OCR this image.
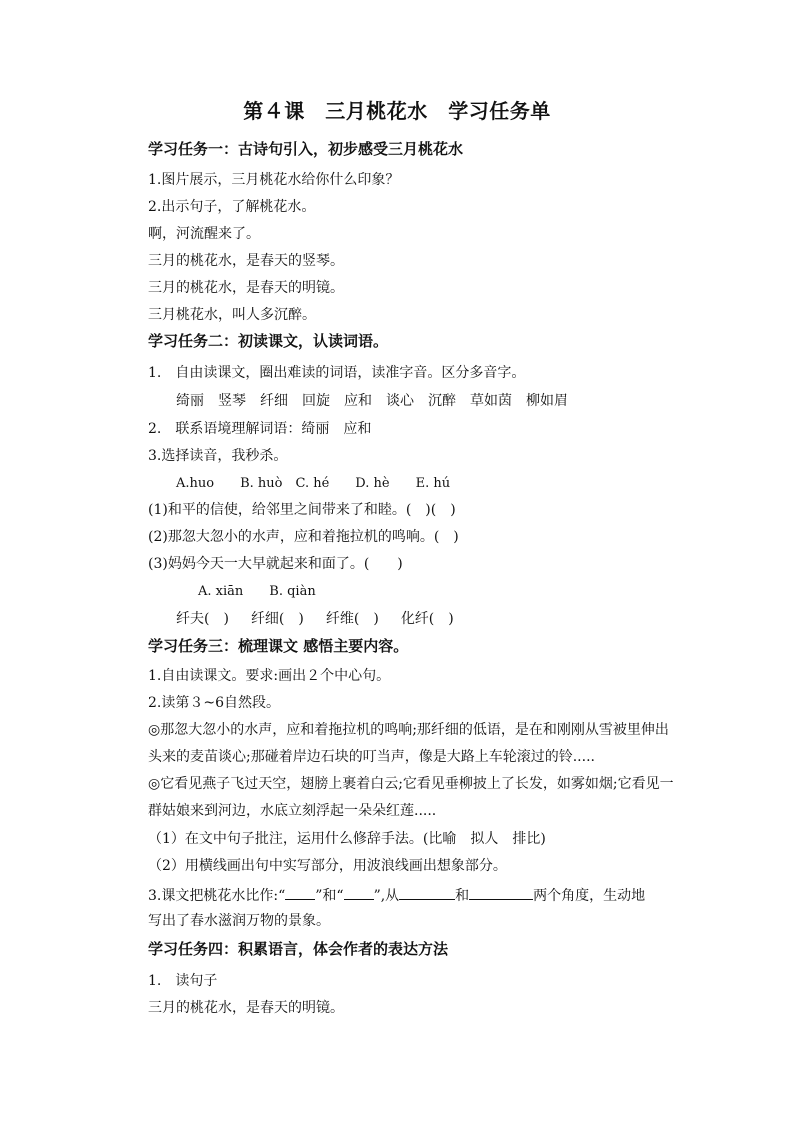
第４课　三月桃花水　学习任务单
学习任务一：古诗句引入，初步感受三月桃花水
1.图片展示，三月桃花水给你什么印象？
2.出示句子，了解桃花水。
啊，河流醒来了。
三月的桃花水，是春天的竖琴。
三月的桃花水，是春天的明镜。
三月桃花水，叫人多沉醉。
学习任务二：初读课文，认读词语。
1.　自由读课文，圈出难读的词语，读准字音。区分多音字。
绮丽 竖琴 纤细 回旋 应和 谈心 沉醉 草如茵 柳如眉
2.　联系语境理解词语：绮丽　应和
3.选择读音，我秒杀。
A.huo　　B. huò　C. hé　　D. hè　　E. hú
(1)和平的信使，给邻里之间带来了和睦。(　)(　)
(2)那忽大忽小的水声，应和着拖拉机的鸣响。(　)
(3)妈妈今天一大早就起来和面了。(　　)
A. xiān　　B. qiàn
纤夫(　) 纤细(　) 纤维(　) 化纤(　)
学习任务三：梳理课文 感悟主要内容。
1.自由读课文。要求:画出２个中心句。
2.读第３~6自然段。
◎那忽大忽小的水声，应和着拖拉机的鸣响;那纤细的低语，是在和刚刚从雪被里伸出
头来的麦苗谈心;那碰着岸边石块的叮当声，像是大路上车轮滚过的铃.....
◎它看见燕子飞过天空，翅膀上裹着白云;它看见垂柳披上了长发，如雾如烟;它看见一
群姑娘来到河边，水底立刻浮起一朵朵红莲.....
（1）在文中句子批注，运用什么修辞手法。(比喻　拟人　排比)
（2）用横线画出句中实写部分，用波浪线画出想象部分。
3.课文把桃花水比作:“ ”和“ ”,从	和	两个角度，生动地
写出了春水滋润万物的景象。
学习任务四：积累语言，体会作者的表达方法
1.　读句子
三月的桃花水，是春天的明镜。
